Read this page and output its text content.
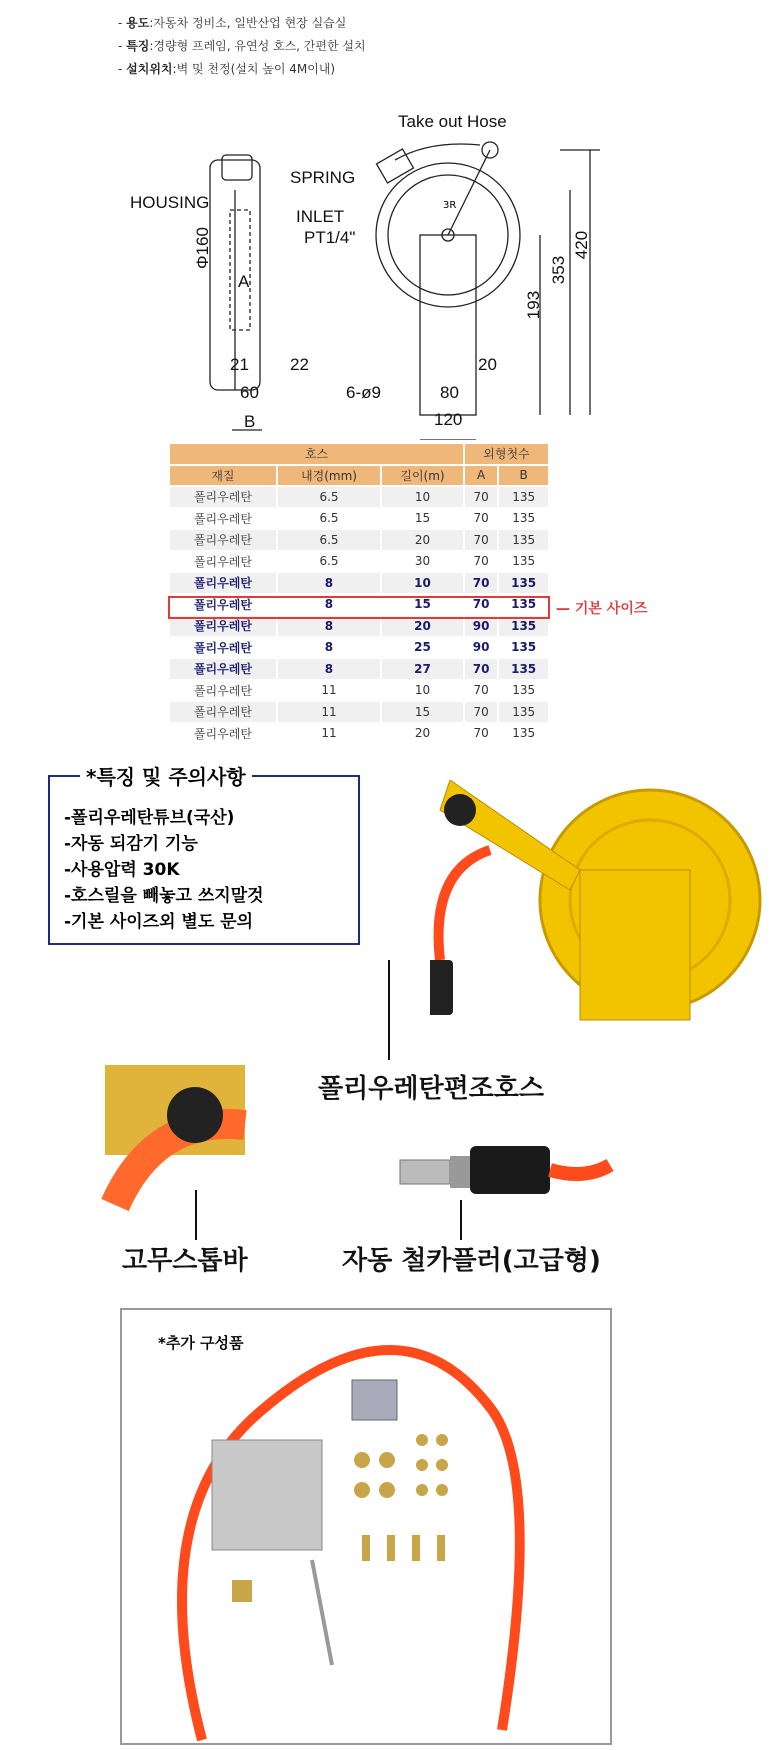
- 용도:자동차 정비소, 일반산업 현장 실습실
- 특징:경량형 프레임, 유연성 호스, 간편한 설치
- 설치위치:벽 및 천정(설치 높이 4M이내)
Take out Hose
SPRING
HOUSING
INLET
PT1/4"
Φ160
A
21 22
60
B
6-ø9	80
120
20
3R
193
353
420
호스			외형첫수	
재질	내경(mm)	길이(m)	A	B
폴리우레탄	6.5	10	70	135
폴리우레탄	6.5	15	70	135
폴리우레탄	6.5	20	70	135
폴리우레탄	6.5	30	70	135
폴리우레탄	8	10	70	135
폴리우레탄	8	15	70	135
폴리우레탄	8	20	90	135
폴리우레탄	8	25	90	135
폴리우레탄	8	27	70	135
폴리우레탄	11	10	70	135
폴리우레탄	11	15	70	135
폴리우레탄	11	20	70	135
— 기본 사이즈
*특징 및 주의사항
-폴리우레탄튜브(국산)
-자동 되감기 기능
-사용압력 30K
-호스릴을 빼놓고 쓰지말것
-기본 사이즈외 별도 문의
폴리우레탄편조호스
고무스톱바	자동 철카플러(고급형)
*추가 구성품
